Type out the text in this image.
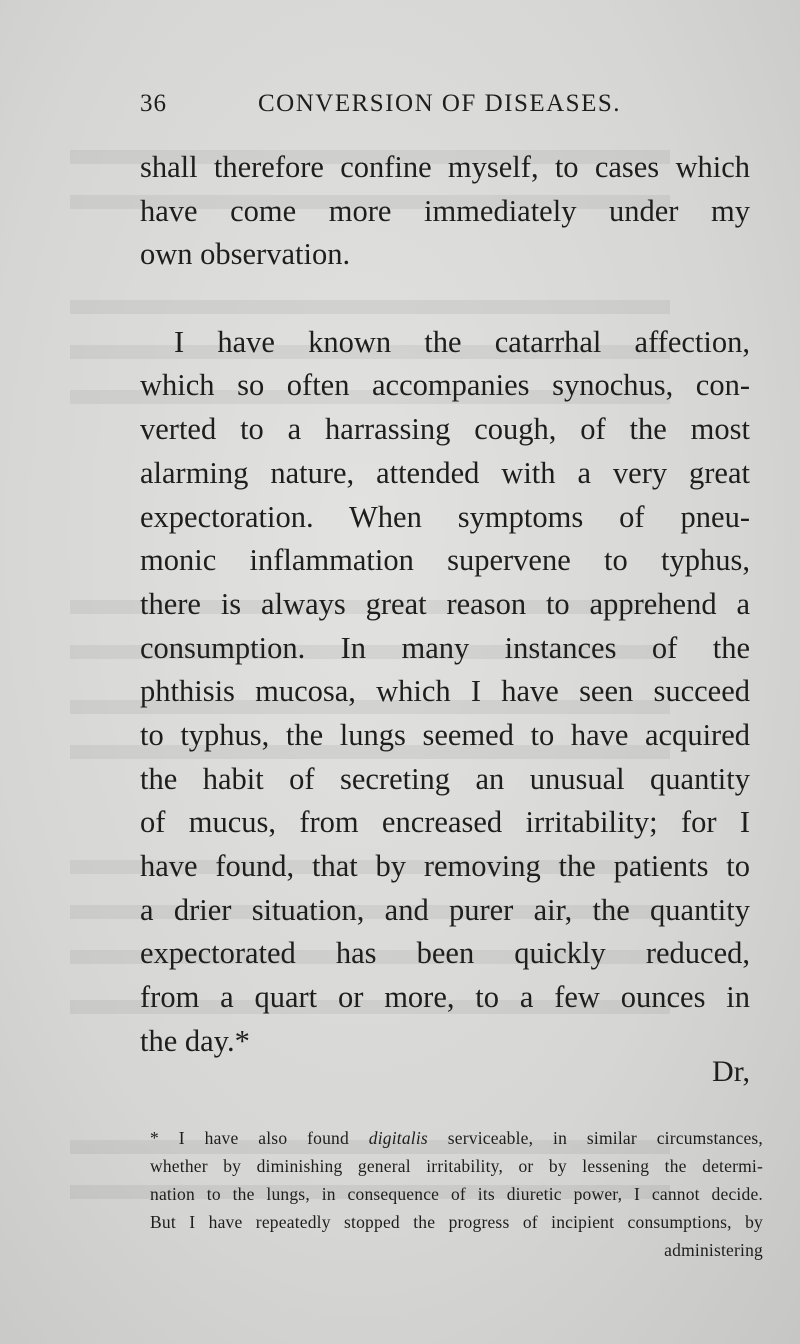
36	CONVERSION OF DISEASES.
shall therefore confine myself, to cases which
have come more immediately under my
own observation.
I have known the catarrhal affection,
which so often accompanies synochus, con-
verted to a harrassing cough, of the most
alarming nature, attended with a very great
expectoration. When symptoms of pneu-
monic inflammation supervene to typhus,
there is always great reason to apprehend a
consumption. In many instances of the
phthisis mucosa, which I have seen succeed
to typhus, the lungs seemed to have acquired
the habit of secreting an unusual quantity
of mucus, from encreased irritability; for I
have found, that by removing the patients to
a drier situation, and purer air, the quantity
expectorated has been quickly reduced,
from a quart or more, to a few ounces in
the day.*
Dr,
* I have also found digitalis serviceable, in similar circumstances,
whether by diminishing general irritability, or by lessening the determi-
nation to the lungs, in consequence of its diuretic power, I cannot decide.
But I have repeatedly stopped the progress of incipient consumptions, by
administering
